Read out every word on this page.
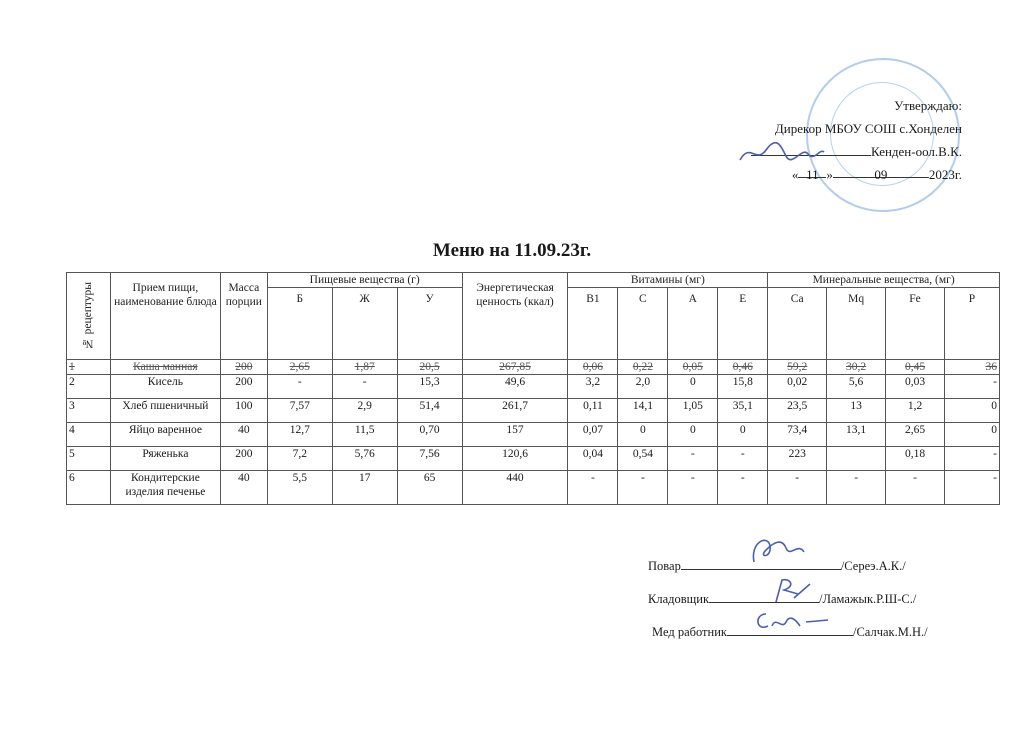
Утверждаю:
Дирекор МБОУ СОШ с.Хонделен
Кенден-оол.В.К.
« 11 »	09	2023г.
Меню на 11.09.23г.
№ рецептуры	Прием пищи, наименование блюда	Масса порции	Пищевые вещества (г)			Энергетическая ценность (ккал)	Витамины (мг)				Минеральные вещества, (мг)			
			Б	Ж	У		В1	С	А	Е	Са	Мq	Fe	Р
1	Каша манная	200	2,65	1,87	20,5	267,85	0,06	0,22	0,05	0,46	59,2	30,2	0,45	36
2	Кисель	200	-	-	15,3	49,6	3,2	2,0	0	15,8	0,02	5,6	0,03	-
3	Хлеб пшеничный	100	7,57	2,9	51,4	261,7	0,11	14,1	1,05	35,1	23,5	13	1,2	0
4	Яйцо варенное	40	12,7	11,5	0,70	157	0,07	0	0	0	73,4	13,1	2,65	0
5	Ряженька	200	7,2	5,76	7,56	120,6	0,04	0,54	-	-	223		0,18	-
6	Кондитерские изделия печенье	40	5,5	17	65	440	-	-	-	-	-	-	-	-
Повар	/Сереэ.А.К./
Кладовщик	/Ламажык.Р.Ш-С./
Мед работник	/Салчак.М.Н./
